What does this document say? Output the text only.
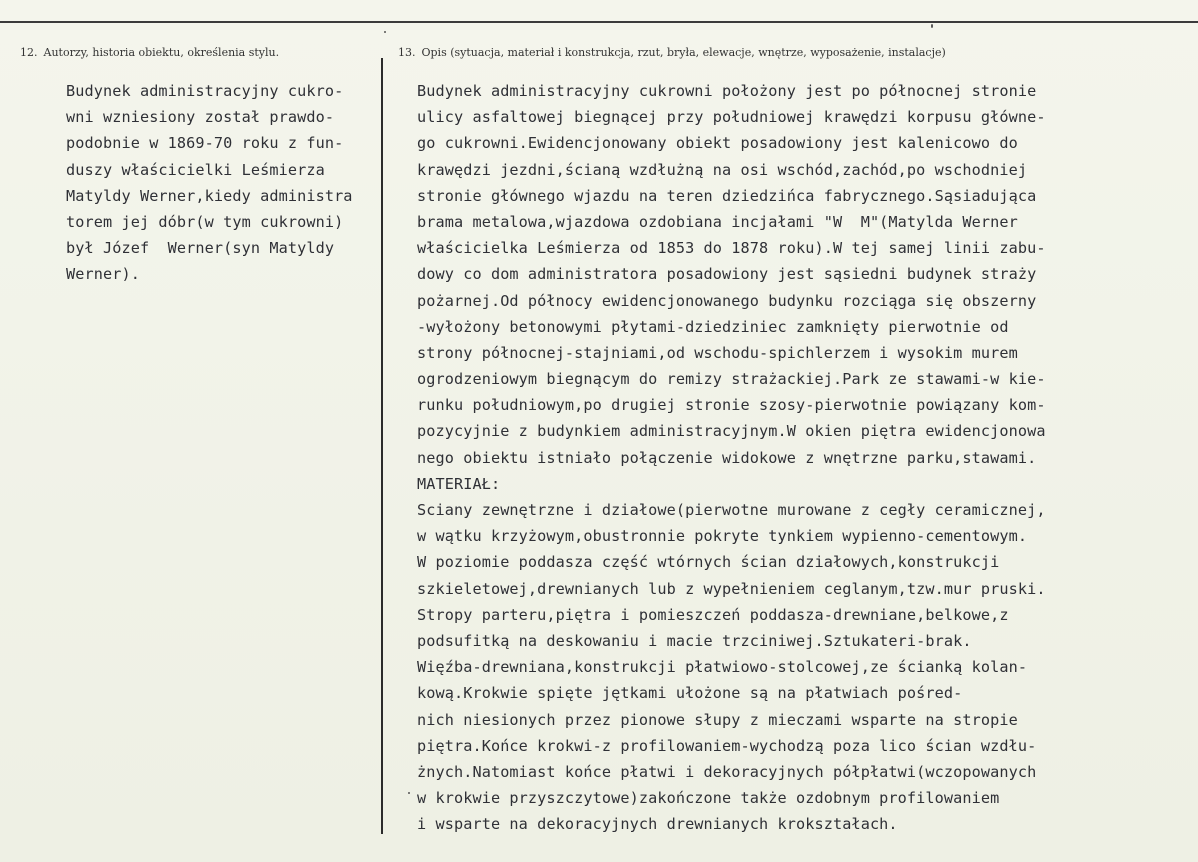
12. Autorzy, historia obiektu, określenia stylu.	13. Opis (sytuacja, materiał i konstrukcja, rzut, bryła, elewacje, wnętrze, wyposażenie, instalacje)
Budynek administracyjny cukro-
wni wzniesiony został prawdo-
podobnie w 1869-70 roku z fun-
duszy właścicielki Leśmierza
Matyldy Werner,kiedy administra
torem jej dóbr(w tym cukrowni)
był Józef  Werner(syn Matyldy
Werner).
Budynek administracyjny cukrowni położony jest po północnej stronie
ulicy asfaltowej biegnącej przy południowej krawędzi korpusu główne-
go cukrowni.Ewidencjonowany obiekt posadowiony jest kalenicowo do
krawędzi jezdni,ścianą wzdłużną na osi wschód,zachód,po wschodniej
stronie głównego wjazdu na teren dziedzińca fabrycznego.Sąsiadująca
brama metalowa,wjazdowa ozdobiana incjałami "W  M"(Matylda Werner
właścicielka Leśmierza od 1853 do 1878 roku).W tej samej linii zabu-
dowy co dom administratora posadowiony jest sąsiedni budynek straży
pożarnej.Od północy ewidencjonowanego budynku rozciąga się obszerny
-wyłożony betonowymi płytami-dziedziniec zamknięty pierwotnie od
strony północnej-stajniami,od wschodu-spichlerzem i wysokim murem
ogrodzeniowym biegnącym do remizy strażackiej.Park ze stawami-w kie-
runku południowym,po drugiej stronie szosy-pierwotnie powiązany kom-
pozycyjnie z budynkiem administracyjnym.W okien piętra ewidencjonowa
nego obiektu istniało połączenie widokowe z wnętrzne parku,stawami.
MATERIAŁ:
Sciany zewnętrzne i działowe(pierwotne murowane z cegły ceramicznej,
w wątku krzyżowym,obustronnie pokryte tynkiem wypienno-cementowym.
W poziomie poddasza część wtórnych ścian działowych,konstrukcji
szkieletowej,drewnianych lub z wypełnieniem ceglanym,tzw.mur pruski.
Stropy parteru,piętra i pomieszczeń poddasza-drewniane,belkowe,z
podsufitką na deskowaniu i macie trzciniwej.Sztukateri-brak.
Więźba-drewniana,konstrukcji płatwiowo-stolcowej,ze ścianką kolan-
kową.Krokwie spięte jętkami ułożone są na płatwiach pośred-
nich niesionych przez pionowe słupy z mieczami wsparte na stropie
piętra.Końce krokwi-z profilowaniem-wychodzą poza lico ścian wzdłu-
żnych.Natomiast końce płatwi i dekoracyjnych półpłatwi(wczopowanych
w krokwie przyszczytowe)zakończone także ozdobnym profilowaniem
i wsparte na dekoracyjnych drewnianych krokształach.
